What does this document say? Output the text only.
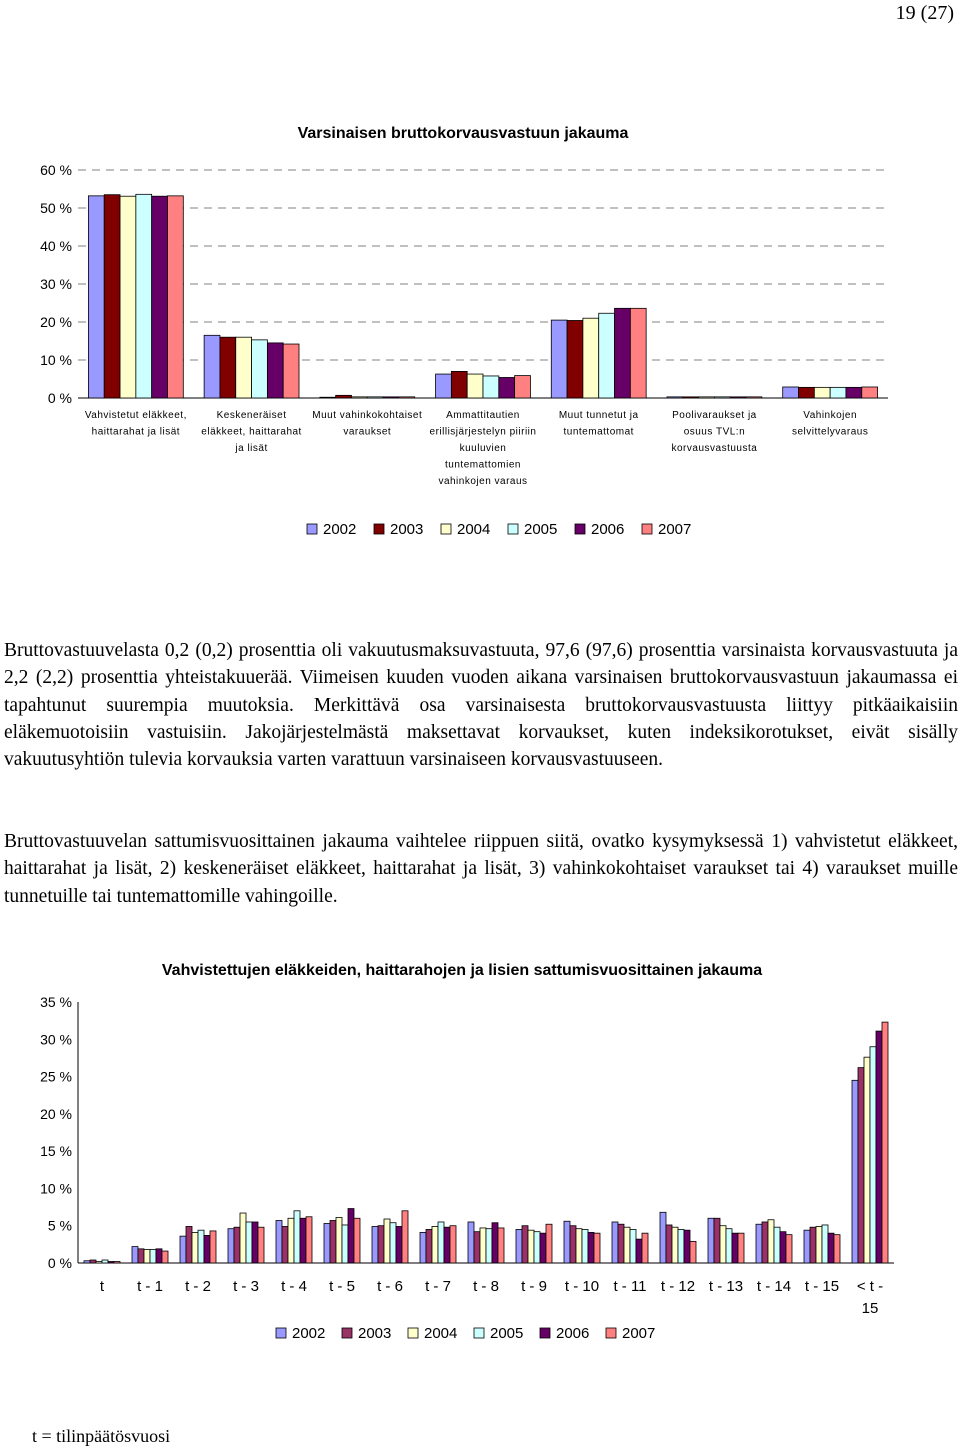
19 (27)
Varsinaisen bruttokorvausvastuun jakauma
0 %
10 %
20 %
30 %
40 %
50 %
60 %
Vahvistetut eläkkeet, haittarahat ja lisät
Keskeneräiset eläkkeet, haittarahat ja lisät
Muut vahinkokohtaiset varaukset
Ammattitautien erillisjärjestelyn piiriin kuuluvien tuntemattomien vahinkojen varaus
Muut tunnetut ja tuntemattomat
Poolivaraukset ja osuus TVL:n korvausvastuusta
Vahinkojen selvittelyvaraus
2002 2003 2004 2005 2006 2007
Bruttovastuuvelasta 0,2 (0,2) prosenttia oli vakuutusmaksuvastuuta, 97,6 (97,6) prosenttia varsinaista korvausvastuuta ja 2,2 (2,2) prosenttia yhteistakuuerää. Viimeisen kuuden vuoden aikana varsinaisen bruttokorvausvastuun jakaumassa ei tapahtunut suurempia muutoksia. Merkittävä osa varsinaisesta bruttokorvausvastuusta liittyy pitkäaikaisiin eläkemuotoisiin vastuisiin. Jakojärjestelmästä maksettavat korvaukset, kuten indeksikorotukset, eivät sisälly vakuutusyhtiön tulevia korvauksia varten varattuun varsinaiseen korvausvastuuseen.
Bruttovastuuvelan sattumisvuosittainen jakauma vaihtelee riippuen siitä, ovatko kysymyksessä 1) vahvistetut eläkkeet, haittarahat ja lisät, 2) keskeneräiset eläkkeet, haittarahat ja lisät, 3) vahinkokohtaiset varaukset tai 4) varaukset muille tunnetuille tai tuntemattomille vahingoille.
Vahvistettujen eläkkeiden, haittarahojen ja lisien sattumisvuosittainen jakauma
0 %
5 %
10 %
15 %
20 %
25 %
30 %
35 %
t t - 1 t - 2 t - 3 t - 4 t - 5 t - 6 t - 7 t - 8 t - 9 t - 10 t - 11 t - 12 t - 13 t - 14 t - 15 < t -15
2002 2003 2004 2005 2006 2007
t = tilinpäätösvuosi
